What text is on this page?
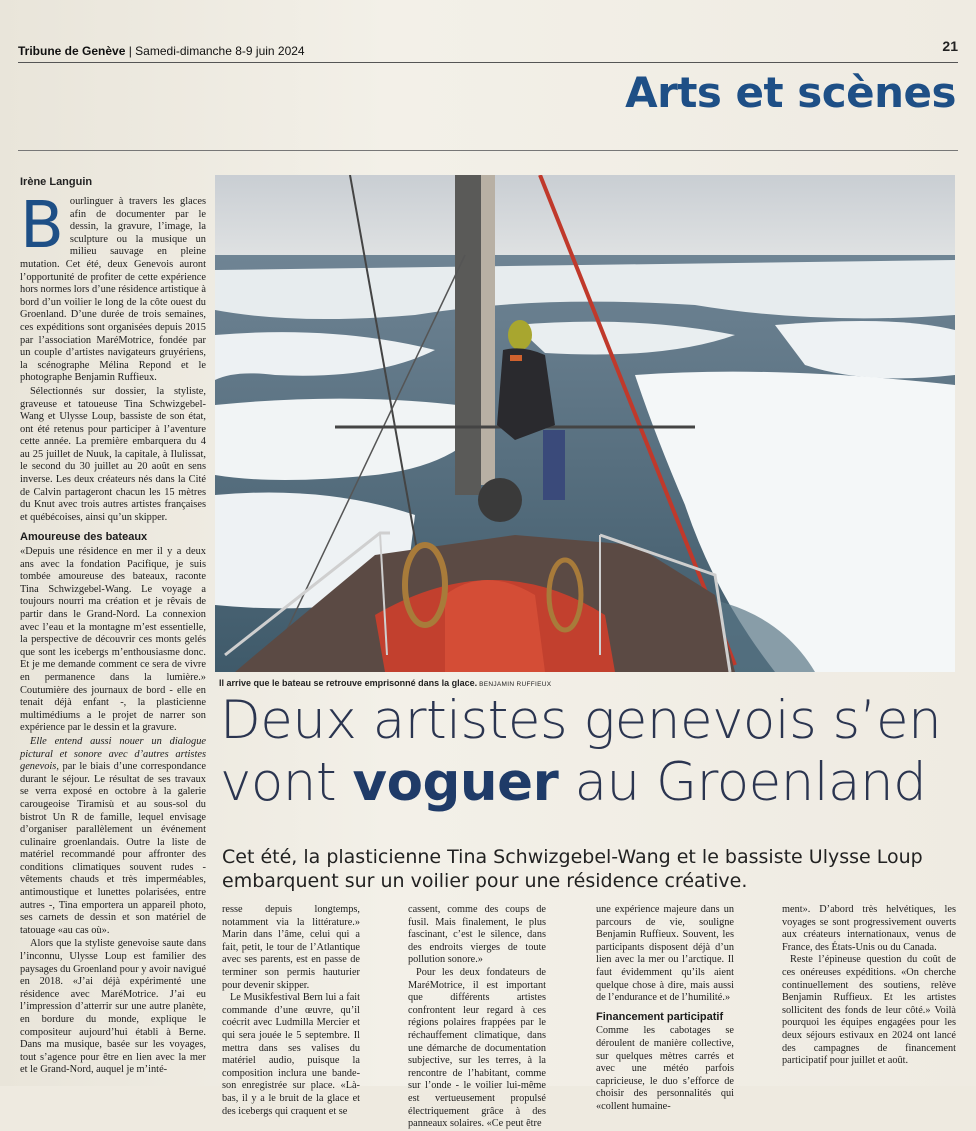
Tribune de Genève | Samedi-dimanche 8-9 juin 2024	21
Arts et scènes
Irène Languin

Bourlinguer à travers les glaces afin de documenter par le dessin, la gravure, l’image, la sculpture ou la musique un milieu sauvage en pleine mutation. Cet été, deux Genevois auront l’opportunité de profiter de cette expérience hors normes lors d’une résidence artistique à bord d’un voilier le long de la côte ouest du Groenland. D’une durée de trois semaines, ces expéditions sont organisées depuis 2015 par l’association MaréMotrice, fondée par un couple d’artistes navigateurs gruyériens, la scénographe Mélina Repond et le photographe Benjamin Ruffieux.

Sélectionnés sur dossier, la styliste, graveuse et tatoueuse Tina Schwizgebel-Wang et Ulysse Loup, bassiste de son état, ont été retenus pour participer à l’aventure cette année. La première embarquera du 4 au 25 juillet de Nuuk, la capitale, à Ilulissat, le second du 30 juillet au 20 août en sens inverse. Les deux créateurs nés dans la Cité de Calvin partageront chacun les 15 mètres du Knut avec trois autres artistes françaises et québécoises, ainsi qu’un skipper.

Amoureuse des bateaux

«Depuis une résidence en mer il y a deux ans avec la fondation Pacifique, je suis tombée amoureuse des bateaux, raconte Tina Schwizgebel-Wang. Le voyage a toujours nourri ma création et je rêvais de partir dans le Grand-Nord. La connexion avec l’eau et la montagne m’est essentielle, la perspective de découvrir ces monts gelés que sont les icebergs m’enthousiasme donc. Et je me demande comment ce sera de vivre en permanence dans la lumière.» Coutumière des journaux de bord - elle en tenait déjà enfant -, la plasticienne multimédiums a le projet de narrer son expérience par le dessin et la gravure.

Elle entend aussi nouer un dialogue pictural et sonore avec d’autres artistes genevois, par le biais d’une correspondance durant le séjour. Le résultat de ses travaux se verra exposé en octobre à la galerie carougeoise Tiramisù et au sous-sol du bistrot Un R de famille, lequel envisage d’organiser parallèlement un événement culinaire groenlandais. Outre la liste de matériel recommandé pour affronter des conditions climatiques souvent rudes - vêtements chauds et très imperméables, antimoustique et lunettes polarisées, entre autres -, Tina emportera un appareil photo, ses carnets de dessin et son matériel de tatouage «au cas où».

Alors que la styliste genevoise saute dans l’inconnu, Ulysse Loup est familier des paysages du Groenland pour y avoir navigué en 2018. «J’ai déjà expérimenté une résidence avec MaréMotrice. J’ai eu l’impression d’atterrir sur une autre planète, en bordure du monde, explique le compositeur aujourd’hui établi à Berne. Dans ma musique, basée sur les voyages, tout s’agence pour être en lien avec la mer et le Grand-Nord, auquel je m’inté-

Il arrive que le bateau se retrouve emprisonné dans la glace. BENJAMIN RUFFIEUX
Deux artistes genevois s’en
vont voguer au Groenland
Cet été, la plasticienne Tina Schwizgebel-Wang et le bassiste Ulysse Loup embarquent sur un voilier pour une résidence créative.

resse depuis longtemps, notamment via la littérature.» Marin dans l’âme, celui qui a fait, petit, le tour de l’Atlantique avec ses parents, est en passe de terminer son permis hauturier pour devenir skipper.

Le Musikfestival Bern lui a fait commande d’une œuvre, qu’il coécrit avec Ludmilla Mercier et qui sera jouée le 5 septembre. Il mettra dans ses valises du matériel audio, puisque la composition inclura une bande-son enregistrée sur place. «Là-bas, il y a le bruit de la glace et des icebergs qui craquent et se

cassent, comme des coups de fusil. Mais finalement, le plus fascinant, c’est le silence, dans des endroits vierges de toute pollution sonore.»

Pour les deux fondateurs de MaréMotrice, il est important que différents artistes confrontent leur regard à ces régions polaires frappées par le réchauffement climatique, dans une démarche de documentation subjective, sur les terres, à la rencontre de l’habitant, comme sur l’onde - le voilier lui-même est vertueusement propulsé électriquement grâce à des panneaux solaires. «Ce peut être

une expérience majeure dans un parcours de vie, souligne Benjamin Ruffieux. Souvent, les participants disposent déjà d’un lien avec la mer ou l’arctique. Il faut évidemment qu’ils aient quelque chose à dire, mais aussi de l’endurance et de l’humilité.»

Financement participatif

Comme les cabotages se déroulent de manière collective, sur quelques mètres carrés et avec une météo parfois capricieuse, le duo s’efforce de choisir des personnalités qui «collent humaine-

ment». D’abord très helvétiques, les voyages se sont progressivement ouverts aux créateurs internationaux, venus de France, des États-Unis ou du Canada.

Reste l’épineuse question du coût de ces onéreuses expéditions. «On cherche continuellement des soutiens, relève Benjamin Ruffieux. Et les artistes sollicitent des fonds de leur côté.» Voilà pourquoi les équipes engagées pour les deux séjours estivaux en 2024 ont lancé des campagnes de financement participatif pour juillet et août.
